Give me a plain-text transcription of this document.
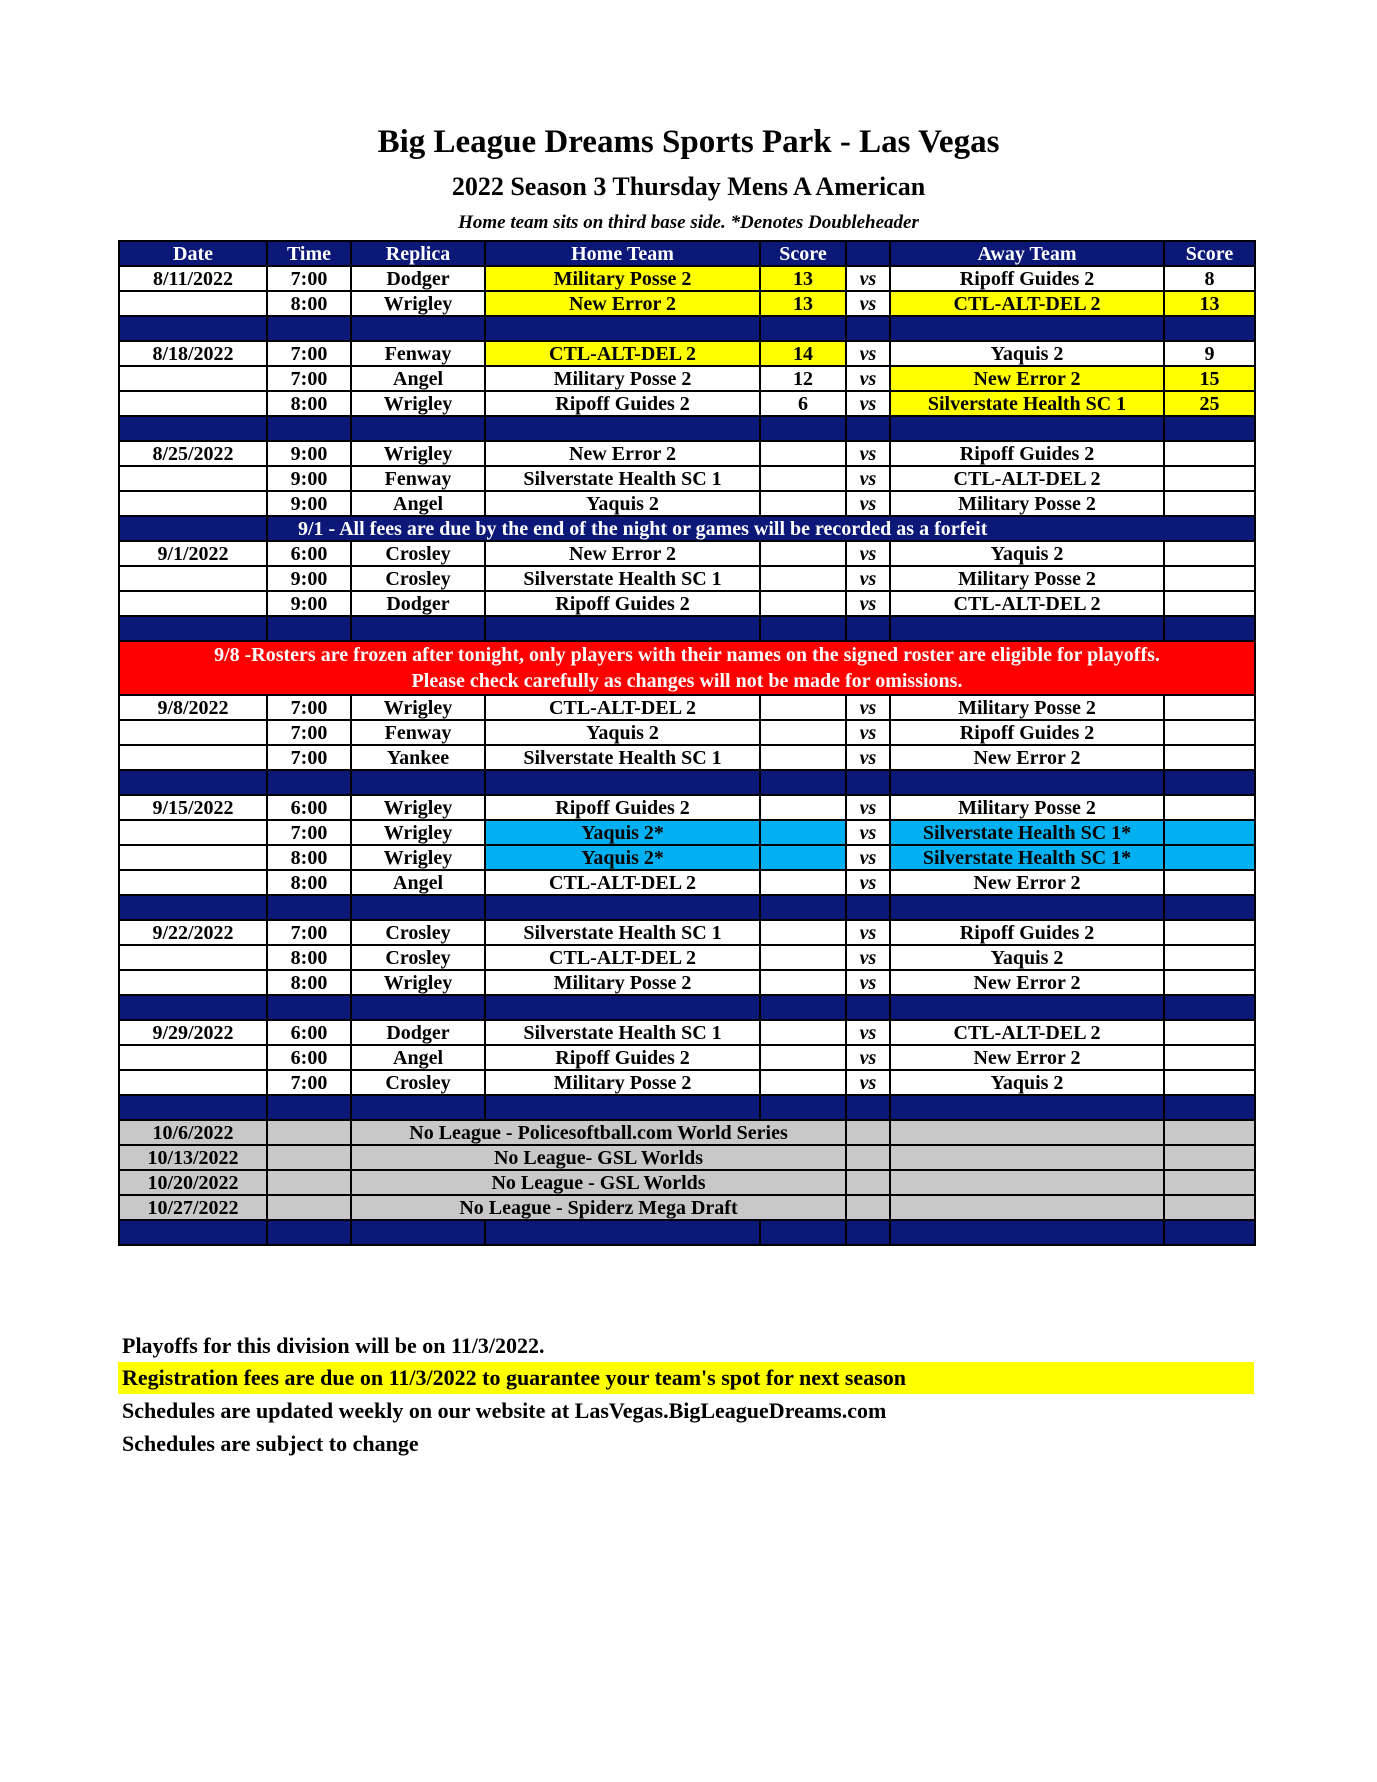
Big League Dreams Sports Park - Las Vegas
2022 Season 3 Thursday Mens A American
Home team sits on third base side. *Denotes Doubleheader
Date	Time	Replica	Home Team	Score		Away Team	Score
8/11/2022	7:00	Dodger	Military Posse 2	13	vs	Ripoff Guides 2	8
	8:00	Wrigley	New Error 2	13	vs	CTL-ALT-DEL 2	13

8/18/2022	7:00	Fenway	CTL-ALT-DEL 2	14	vs	Yaquis 2	9
	7:00	Angel	Military Posse 2	12	vs	New Error 2	15
	8:00	Wrigley	Ripoff Guides 2	6	vs	Silverstate Health SC 1	25

8/25/2022	9:00	Wrigley	New Error 2		vs	Ripoff Guides 2	
	9:00	Fenway	Silverstate Health SC 1		vs	CTL-ALT-DEL 2	
	9:00	Angel	Yaquis 2		vs	Military Posse 2	
	9/1 - All fees are due by the end of the night or games will be recorded as a forfeit						
9/1/2022	6:00	Crosley	New Error 2		vs	Yaquis 2	
	9:00	Crosley	Silverstate Health SC 1		vs	Military Posse 2	
	9:00	Dodger	Ripoff Guides 2		vs	CTL-ALT-DEL 2	

9/8 -Rosters are frozen after tonight, only players with their names on the signed roster are eligible for playoffs.
Please check carefully as changes will not be made for omissions.							

9/8/2022	7:00	Wrigley	CTL-ALT-DEL 2		vs	Military Posse 2	
	7:00	Fenway	Yaquis 2		vs	Ripoff Guides 2	
	7:00	Yankee	Silverstate Health SC 1		vs	New Error 2	

9/15/2022	6:00	Wrigley	Ripoff Guides 2		vs	Military Posse 2	
	7:00	Wrigley	Yaquis 2*		vs	Silverstate Health SC 1*	
	8:00	Wrigley	Yaquis 2*		vs	Silverstate Health SC 1*	
	8:00	Angel	CTL-ALT-DEL 2		vs	New Error 2	

9/22/2022	7:00	Crosley	Silverstate Health SC 1		vs	Ripoff Guides 2	
	8:00	Crosley	CTL-ALT-DEL 2		vs	Yaquis 2	
	8:00	Wrigley	Military Posse 2		vs	New Error 2	

9/29/2022	6:00	Dodger	Silverstate Health SC 1		vs	CTL-ALT-DEL 2	
	6:00	Angel	Ripoff Guides 2		vs	New Error 2	
	7:00	Crosley	Military Posse 2		vs	Yaquis 2	

10/6/2022		No League - Policesoftball.com World Series					
10/13/2022		No League- GSL Worlds					
10/20/2022		No League - GSL Worlds					
10/27/2022		No League - Spiderz Mega Draft					

Playoffs for this division will be on 11/3/2022.
Registration fees are due on 11/3/2022 to guarantee your team's spot for next season
Schedules are updated weekly on our website at LasVegas.BigLeagueDreams.com
Schedules are subject to change
